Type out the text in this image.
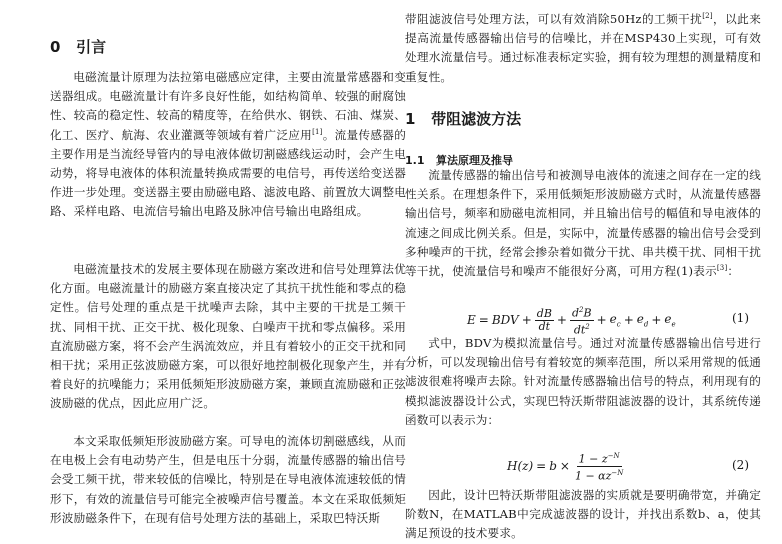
0 引言

电磁流量计原理为法拉第电磁感应定律，主要由流量常感器和变送器组成。电磁流量计有许多良好性能，如结构简单、较强的耐腐蚀性、较高的稳定性、较高的精度等，在给供水、钢铁、石油、煤炭、化工、医疗、航海、农业灌溉等领域有着广泛应用[1]。流量传感器的主要作用是当流经导管内的导电液体做切割磁感线运动时，会产生电动势，将导电液体的体积流量转换成需要的电信号，再传送给变送器作进一步处理。变送器主要由励磁电路、滤波电路、前置放大调整电路、采样电路、电流信号输出电路及脉冲信号输出电路组成。

电磁流量技术的发展主要体现在励磁方案改进和信号处理算法优化方面。电磁流量计的励磁方案直接决定了其抗干扰性能和零点的稳定性。信号处理的重点是干扰噪声去除，其中主要的干扰是工频干扰、同相干扰、正交干扰、极化现象、白噪声干扰和零点偏移。采用直流励磁方案，将不会产生涡流效应，并且有着较小的正交干扰和同相干扰；采用正弦波励磁方案，可以很好地控制极化现象产生，并有着良好的抗噪能力；采用低频矩形波励磁方案，兼顾直流励磁和正弦波励磁的优点，因此应用广泛。

本文采取低频矩形波励磁方案。可导电的流体切割磁感线，从而在电极上会有电动势产生，但是电压十分弱，流量传感器的输出信号会受工频干扰，带来较低的信噪比，特别是在导电液体流速较低的情形下，有效的流量信号可能完全被噪声信号覆盖。本文在采取低频矩形波励磁条件下，在现有信号处理方法的基础上，采取巴特沃斯

带阻滤波信号处理方法，可以有效消除50Hz的工频干扰[2]，以此来提高流量传感器输出信号的信噪比，并在MSP430上实现，可有效处理水流量信号。通过标准表标定实验，拥有较为理想的测量精度和重复性。

1 带阻滤波方法
1.1 算法原理及推导

流量传感器的输出信号和被测导电液体的流速之间存在一定的线性关系。在理想条件下，采用低频矩形波励磁方式时，从流量传感器输出信号，频率和励磁电流相同，并且输出信号的幅值和导电液体的流速之间成比例关系。但是，实际中，流量传感器的输出信号会受到多种噪声的干扰，经常会掺杂着如微分干扰、串共模干扰、同相干扰等干扰，使流量信号和噪声不能很好分离，可用方程(1)表示[3]：

E = BDV + $\frac{dB}{dt} + \frac{d^2B}{dt^2} + e_c + e_d + e_e$	(1)

式中，BDV为模拟流量信号。通过对流量传感器输出信号进行分析，可以发现输出信号有着较宽的频率范围，所以采用常规的低通滤波很难将噪声去除。针对流量传感器输出信号的特点，利用现有的模拟滤波器设计公式，实现巴特沃斯带阻滤波器的设计，其系统传递函数可以表示为：

$H(z) = b \times \frac{1 - z^{-N}}{1 - \alpha z^{-N}}$	(2)

因此，设计巴特沃斯带阻滤波器的实质就是要明确带宽，并确定阶数N，在MATLAB中完成滤波器的设计，并找出系数b、a，使其满足预设的技术要求。
